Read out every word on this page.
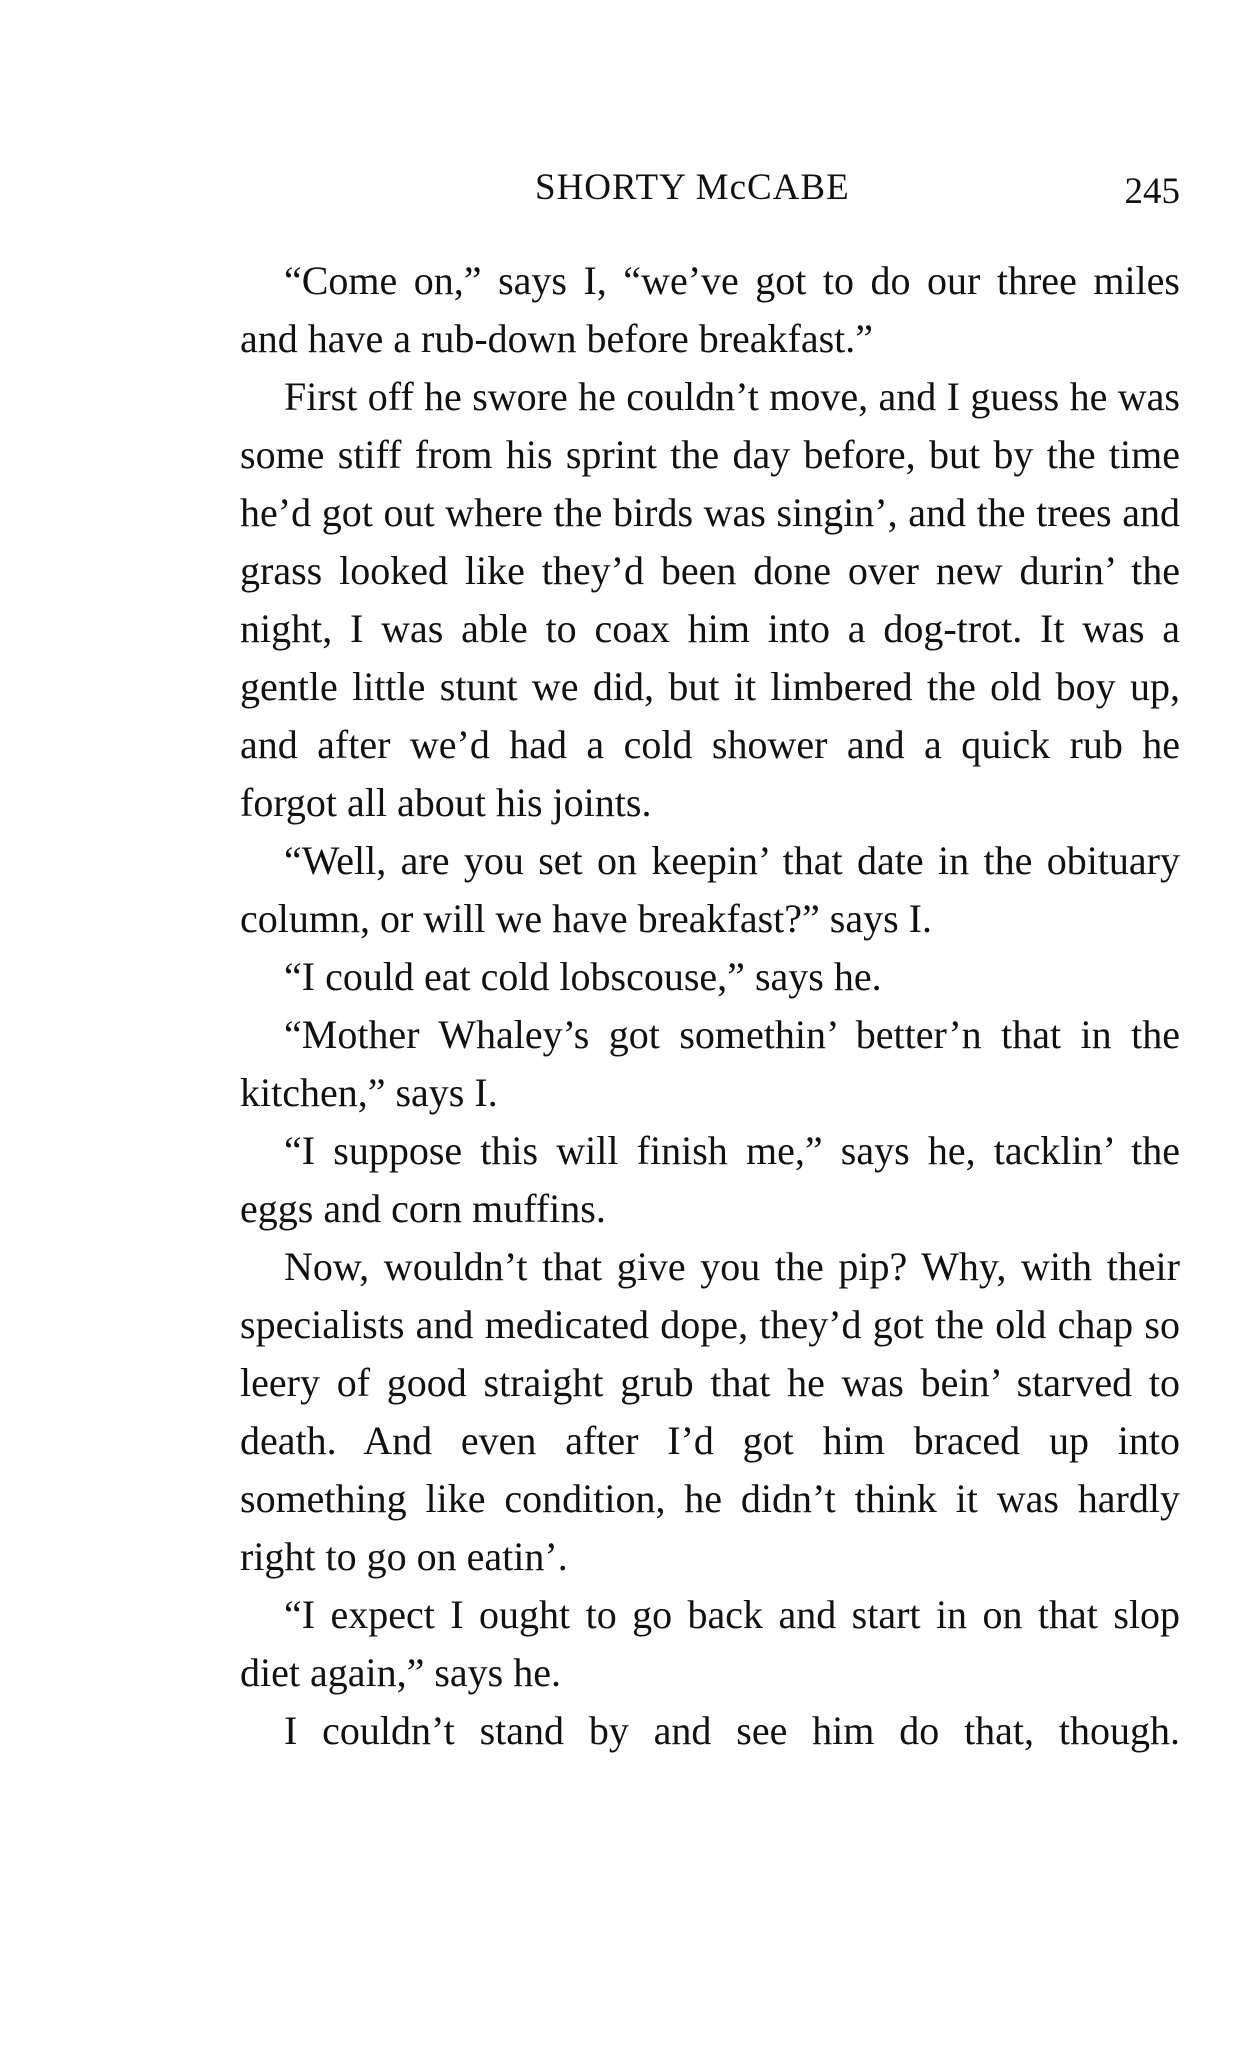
SHORTY McCABE	245

“Come on,” says I, “we’ve got to do our three miles and have a rub-down before breakfast.”

First off he swore he couldn’t move, and I guess he was some stiff from his sprint the day before, but by the time he’d got out where the birds was singin’, and the trees and grass looked like they’d been done over new durin’ the night, I was able to coax him into a dog-trot. It was a gentle little stunt we did, but it limbered the old boy up, and after we’d had a cold shower and a quick rub he forgot all about his joints.

“Well, are you set on keepin’ that date in the obituary column, or will we have breakfast?” says I.

“I could eat cold lobscouse,” says he.

“Mother Whaley’s got somethin’ better’n that in the kitchen,” says I.

“I suppose this will finish me,” says he, tacklin’ the eggs and corn muffins.

Now, wouldn’t that give you the pip? Why, with their specialists and medicated dope, they’d got the old chap so leery of good straight grub that he was bein’ starved to death. And even after I’d got him braced up into something like condition, he didn’t think it was hardly right to go on eatin’.

“I expect I ought to go back and start in on that slop diet again,” says he.

I couldn’t stand by and see him do that, though.
